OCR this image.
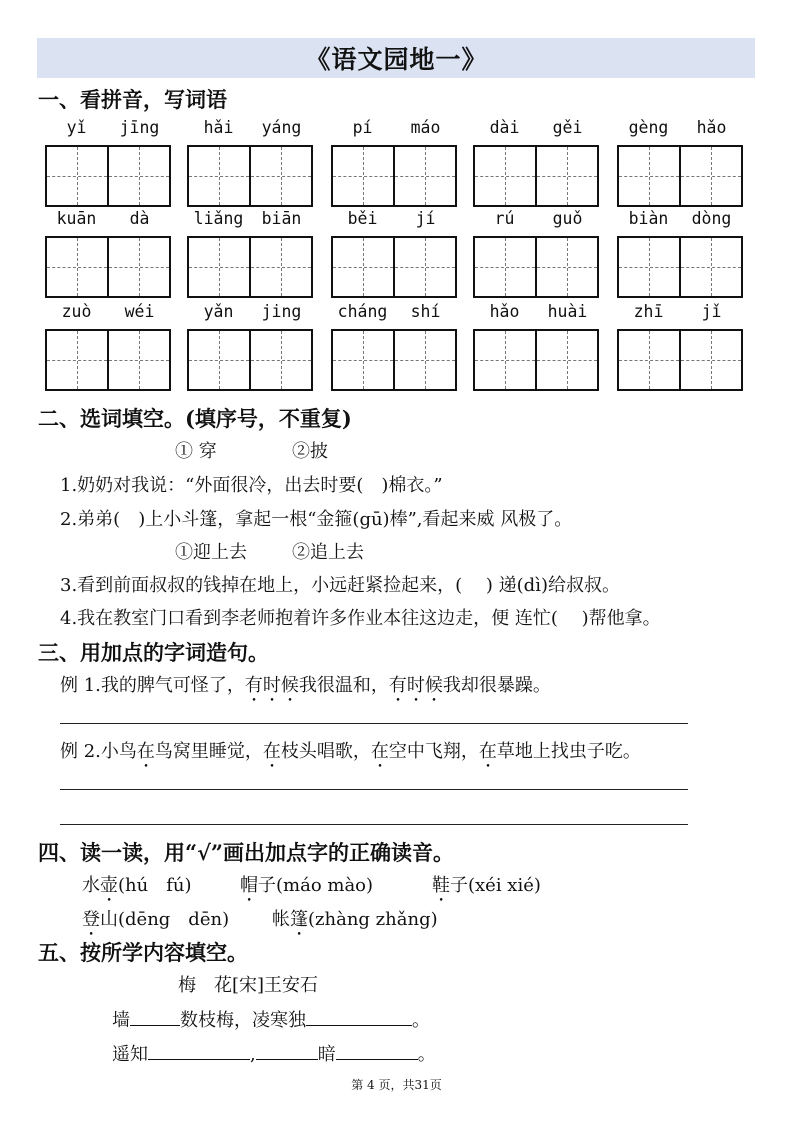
《语文园地一》
一、看拼音，写词语
yǐ	jīng	hǎi	yáng	pí	máo	dài	gěi	gèng	hǎo
kuān	dà	liǎng	biān	běi	jí	rú	guǒ	biàn	dòng
zuò	wéi	yǎn	jing	cháng	shí	hǎo	huài	zhī	jǐ
二、选词填空。(填序号，不重复)
① 穿	②披
1.奶奶对我说：“外面很冷，出去时要(　)棉衣。”
2.弟弟(　)上小斗篷，拿起一根“金箍(gū)棒”,看起来威 风极了。
①迎上去	②追上去
3.看到前面叔叔的钱掉在地上，小远赶紧捡起来，(　 ) 递(dì)给叔叔。
4.我在教室门口看到李老师抱着许多作业本往这边走，便 连忙(　 )帮他拿。
三、用加点的字词造句。
例 1.我的脾气可怪了，有时候我很温和，有时候我却很暴躁。
例 2.小鸟在鸟窝里睡觉，在枝头唱歌，在空中飞翔，在草地上找虫子吃。
四、读一读，用“√”画出加点字的正确读音。
水壶(hú　fú)	帽子(máo mào)	鞋子(xéi xié)
登山(dēng　dēn) 帐篷(zhàng zhǎng)
五、按所学内容填空。
梅　花[宋]王安石
墙	数枝梅，凌寒独	。
遥知	,	暗	。
第 4 页，共31页
